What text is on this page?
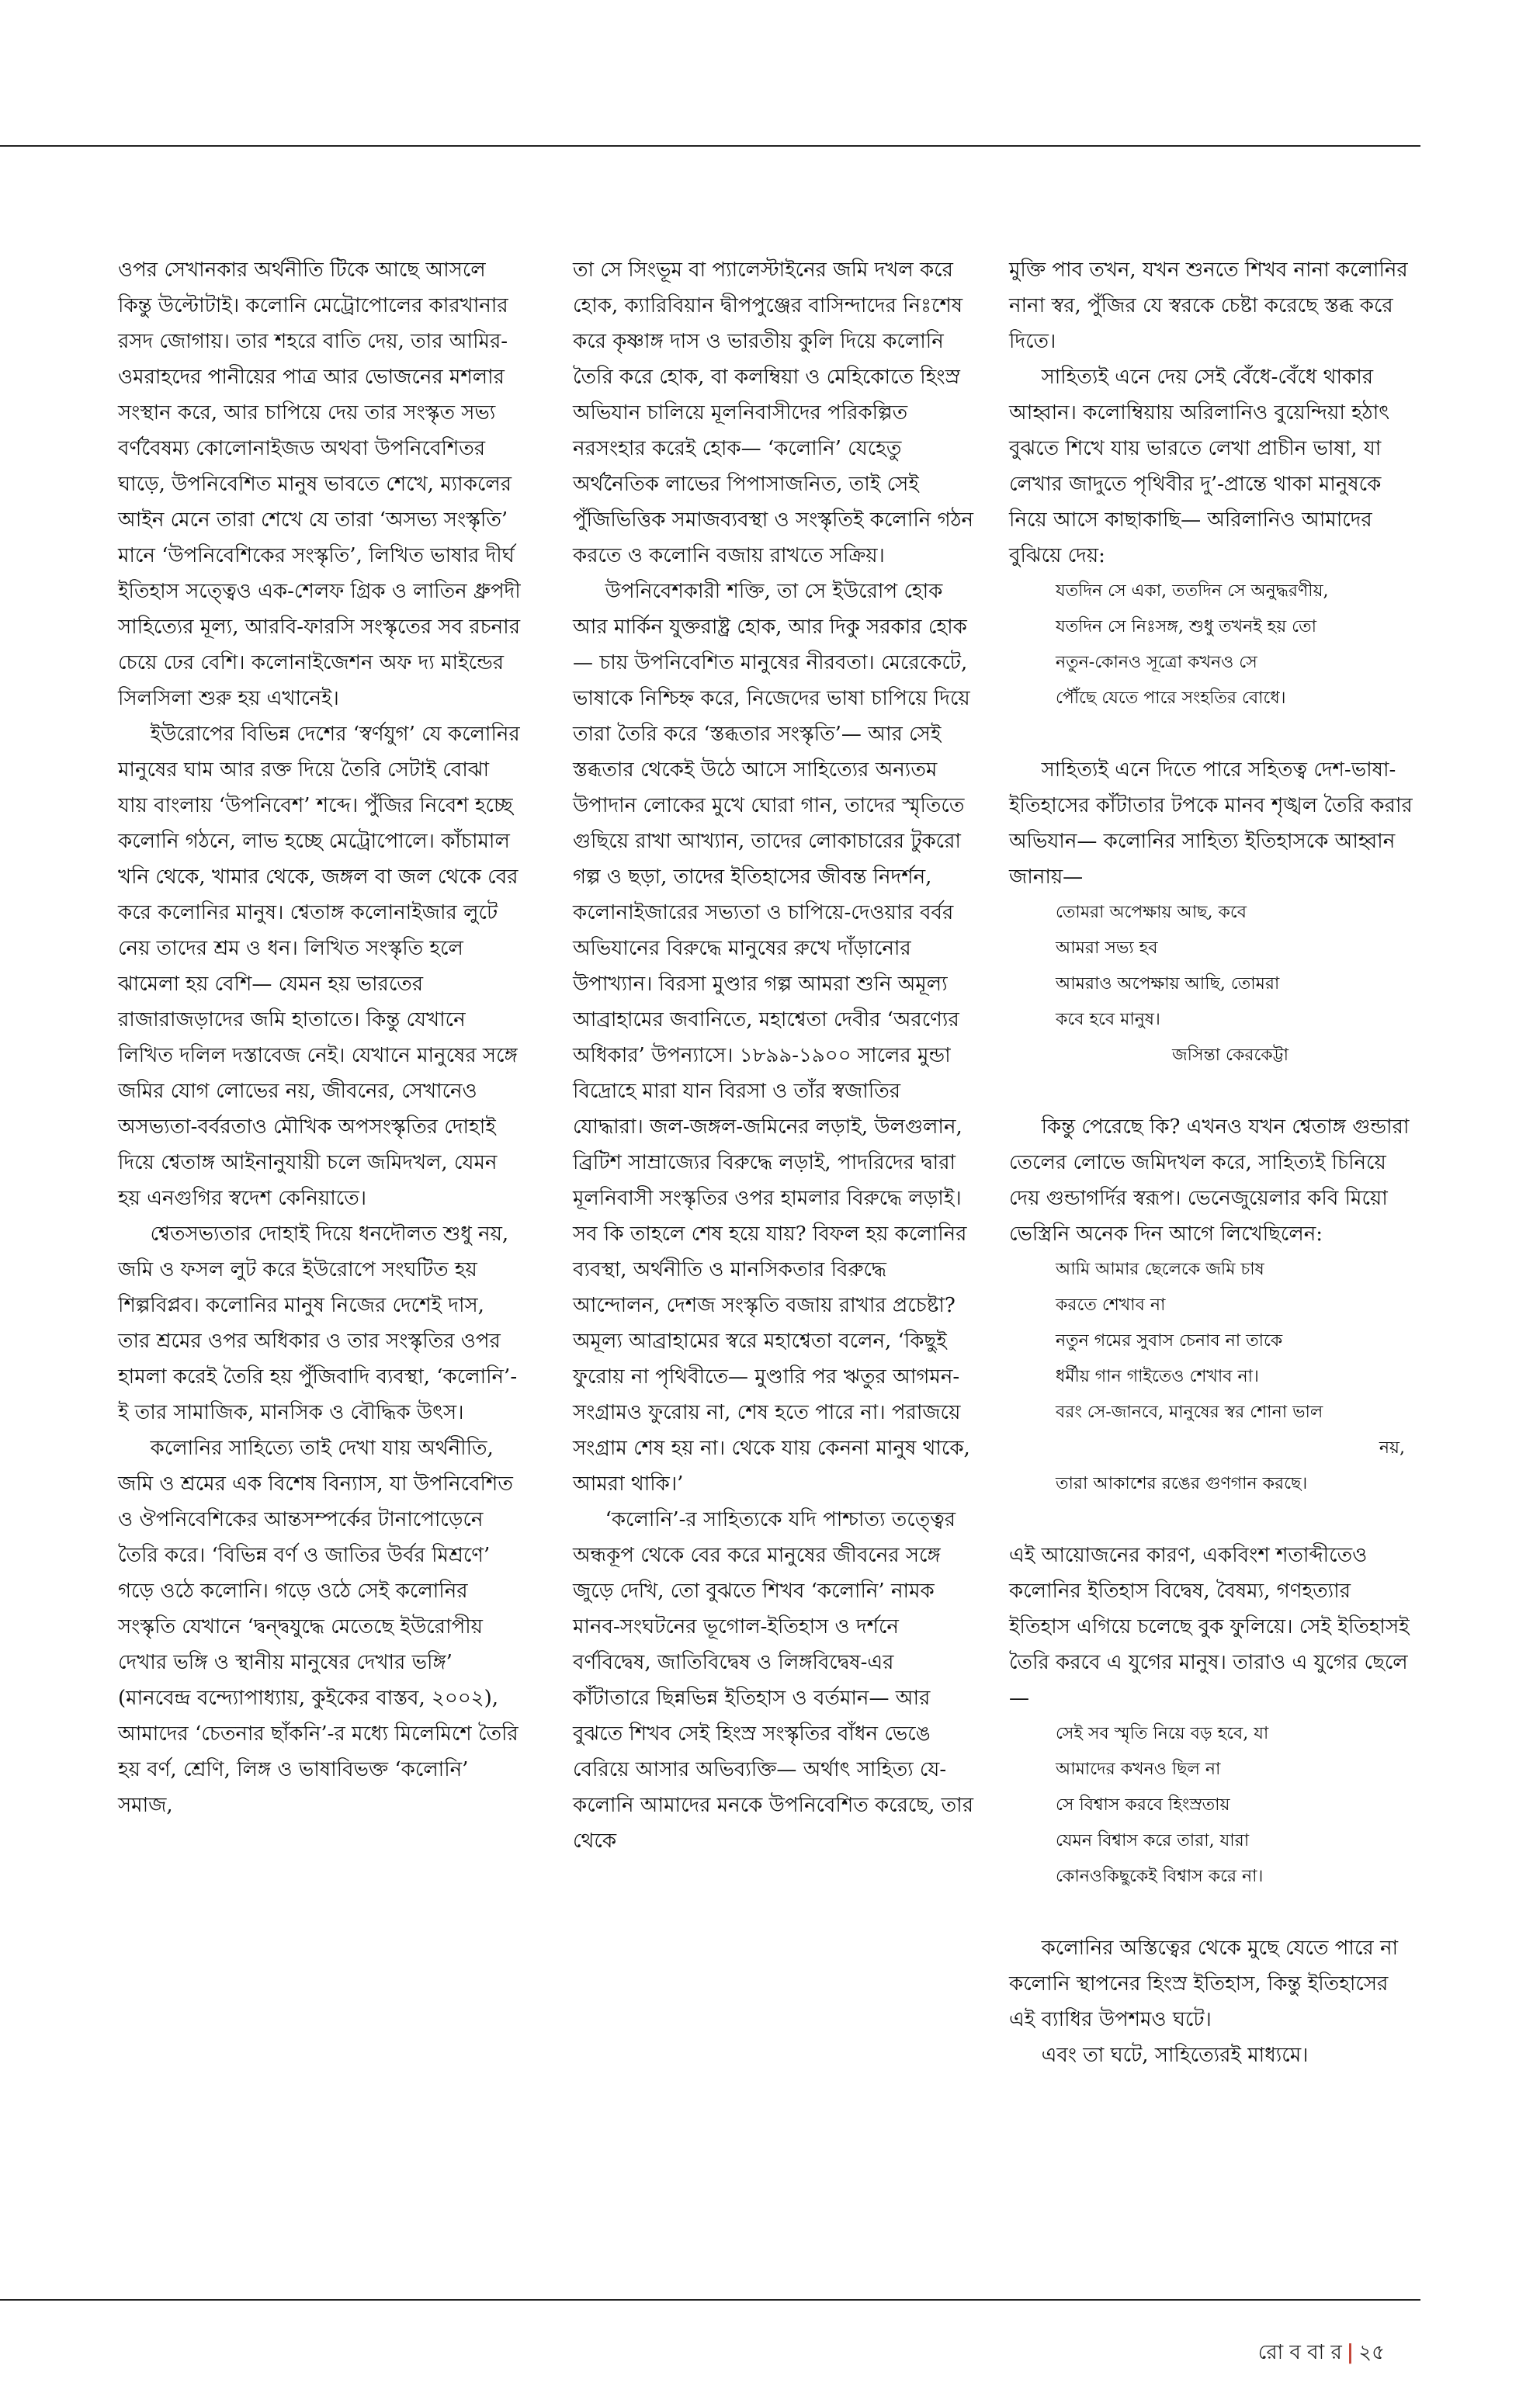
ওপর সেখানকার অর্থনীতি টিকে আছে আসলে কিন্তু উল্টোটাই। কলোনি মেট্রোপোলের কারখানার রসদ জোগায়। তার শহরে বাতি দেয়, তার আমির-ওমরাহদের পানীয়ের পাত্র আর ভোজনের মশলার সংস্থান করে, আর চাপিয়ে দেয় তার সংস্কৃত সভ্য বর্ণবৈষম্য কোলোনাইজড অথবা উপনিবেশিতর ঘাড়ে, উপনিবেশিত মানুষ ভাবতে শেখে, ম্যাকলের আইন মেনে তারা শেখে যে তারা ‘অসভ্য সংস্কৃতি’ মানে ‘উপনিবেশিকের সংস্কৃতি’, লিখিত ভাষার দীর্ঘ ইতিহাস সত্ত্বেও এক-শেলফ গ্রিক ও লাতিন ধ্রুপদী সাহিত্যের মূল্য, আরবি-ফারসি সংস্কৃতের সব রচনার চেয়ে ঢের বেশি। কলোনাইজেশন অফ দ্য মাইন্ডের সিলসিলা শুরু হয় এখানেই।

ইউরোপের বিভিন্ন দেশের ‘স্বর্ণযুগ’ যে কলোনির মানুষের ঘাম আর রক্ত দিয়ে তৈরি সেটাই বোঝা যায় বাংলায় ‘উপনিবেশ’ শব্দে। পুঁজির নিবেশ হচ্ছে কলোনি গঠনে, লাভ হচ্ছে মেট্রোপোলে। কাঁচামাল খনি থেকে, খামার থেকে, জঙ্গল বা জল থেকে বের করে কলোনির মানুষ। শ্বেতাঙ্গ কলোনাইজার লুটে নেয় তাদের শ্রম ও ধন। লিখিত সংস্কৃতি হলে ঝামেলা হয় বেশি— যেমন হয় ভারতের রাজারাজড়াদের জমি হাতাতে। কিন্তু যেখানে লিখিত দলিল দস্তাবেজ নেই। যেখানে মানুষের সঙ্গে জমির যোগ লোভের নয়, জীবনের, সেখানেও অসভ্যতা-বর্বরতাও মৌখিক অপসংস্কৃতির দোহাই দিয়ে শ্বেতাঙ্গ আইনানুযায়ী চলে জমিদখল, যেমন হয় এনগুগির স্বদেশ কেনিয়াতে।

শ্বেতসভ্যতার দোহাই দিয়ে ধনদৌলত শুধু নয়, জমি ও ফসল লুট করে ইউরোপে সংঘটিত হয় শিল্পবিপ্লব। কলোনির মানুষ নিজের দেশেই দাস, তার শ্রমের ওপর অধিকার ও তার সংস্কৃতির ওপর হামলা করেই তৈরি হয় পুঁজিবাদি ব্যবস্থা, ‘কলোনি’-ই তার সামাজিক, মানসিক ও বৌদ্ধিক উৎস।

কলোনির সাহিত্যে তাই দেখা যায় অর্থনীতি, জমি ও শ্রমের এক বিশেষ বিন্যাস, যা উপনিবেশিত ও ঔপনিবেশিকের আন্তসম্পর্কের টানাপোড়েনে তৈরি করে। ‘বিভিন্ন বর্ণ ও জাতির উর্বর মিশ্রণে’ গড়ে ওঠে কলোনি। গড়ে ওঠে সেই কলোনির সংস্কৃতি যেখানে ‘দ্বন্দ্বযুদ্ধে মেতেছে ইউরোপীয় দেখার ভঙ্গি ও স্থানীয় মানুষের দেখার ভঙ্গি’ (মানবেন্দ্র বন্দ্যোপাধ্যায়, কুইকের বাস্তব, ২০০২), আমাদের ‘চেতনার ছাঁকনি’-র মধ্যে মিলেমিশে তৈরি হয় বর্ণ, শ্রেণি, লিঙ্গ ও ভাষাবিভক্ত ‘কলোনি’ সমাজ,

তা সে সিংভূম বা প্যালেস্টাইনের জমি দখল করে হোক, ক্যারিবিয়ান দ্বীপপুঞ্জের বাসিন্দাদের নিঃশেষ করে কৃষ্ণাঙ্গ দাস ও ভারতীয় কুলি দিয়ে কলোনি তৈরি করে হোক, বা কলম্বিয়া ও মেহিকোতে হিংস্র অভিযান চালিয়ে মূলনিবাসীদের পরিকল্পিত নরসংহার করেই হোক— ‘কলোনি’ যেহেতু অর্থনৈতিক লাভের পিপাসাজনিত, তাই সেই পুঁজিভিত্তিক সমাজব্যবস্থা ও সংস্কৃতিই কলোনি গঠন করতে ও কলোনি বজায় রাখতে সক্রিয়।

উপনিবেশকারী শক্তি, তা সে ইউরোপ হোক আর মার্কিন যুক্তরাষ্ট্র হোক, আর দিকু সরকার হোক— চায় উপনিবেশিত মানুষের নীরবতা। মেরেকেটে, ভাষাকে নিশ্চিহ্ন করে, নিজেদের ভাষা চাপিয়ে দিয়ে তারা তৈরি করে ‘স্তব্ধতার সংস্কৃতি’— আর সেই স্তব্ধতার থেকেই উঠে আসে সাহিত্যের অন্যতম উপাদান লোকের মুখে ঘোরা গান, তাদের স্মৃতিতে গুছিয়ে রাখা আখ্যান, তাদের লোকাচারের টুকরো গল্প ও ছড়া, তাদের ইতিহাসের জীবন্ত নিদর্শন, কলোনাইজারের সভ্যতা ও চাপিয়ে-দেওয়ার বর্বর অভিযানের বিরুদ্ধে মানুষের রুখে দাঁড়ানোর উপাখ্যান। বিরসা মুণ্ডার গল্প আমরা শুনি অমূল্য আব্রাহামের জবানিতে, মহাশ্বেতা দেবীর ‘অরণ্যের অধিকার’ উপন্যাসে। ১৮৯৯-১৯০০ সালের মুন্ডা বিদ্রোহে মারা যান বিরসা ও তাঁর স্বজাতির যোদ্ধারা। জল-জঙ্গল-জমিনের লড়াই, উলগুলান, ব্রিটিশ সাম্রাজ্যের বিরুদ্ধে লড়াই, পাদরিদের দ্বারা মূলনিবাসী সংস্কৃতির ওপর হামলার বিরুদ্ধে লড়াই। সব কি তাহলে শেষ হয়ে যায়? বিফল হয় কলোনির ব্যবস্থা, অর্থনীতি ও মানসিকতার বিরুদ্ধে আন্দোলন, দেশজ সংস্কৃতি বজায় রাখার প্রচেষ্টা? অমূল্য আব্রাহামের স্বরে মহাশ্বেতা বলেন, ‘কিছুই ফুরোয় না পৃথিবীতে— মুণ্ডারি পর ঋতুর আগমন-সংগ্রামও ফুরোয় না, শেষ হতে পারে না। পরাজয়ে সংগ্রাম শেষ হয় না। থেকে যায় কেননা মানুষ থাকে, আমরা থাকি।’

‘কলোনি’-র সাহিত্যকে যদি পাশ্চাত্য তত্ত্বের অন্ধকূপ থেকে বের করে মানুষের জীবনের সঙ্গে জুড়ে দেখি, তো বুঝতে শিখব ‘কলোনি’ নামক মানব-সংঘটনের ভূগোল-ইতিহাস ও দর্শনে বর্ণবিদ্বেষ, জাতিবিদ্বেষ ও লিঙ্গবিদ্বেষ-এর কাঁটাতারে ছিন্নভিন্ন ইতিহাস ও বর্তমান— আর বুঝতে শিখব সেই হিংস্র সংস্কৃতির বাঁধন ভেঙে বেরিয়ে আসার অভিব্যক্তি— অর্থাৎ সাহিত্য যে-কলোনি আমাদের মনকে উপনিবেশিত করেছে, তার থেকে

মুক্তি পাব তখন, যখন শুনতে শিখব নানা কলোনির নানা স্বর, পুঁজির যে স্বরকে চেষ্টা করেছে স্তব্ধ করে দিতে।

সাহিত্যই এনে দেয় সেই বেঁধে-বেঁধে থাকার আহ্বান। কলোম্বিয়ায় অরিলানিও বুয়েন্দিয়া হঠাৎ বুঝতে শিখে যায় ভারতে লেখা প্রাচীন ভাষা, যা লেখার জাদুতে পৃথিবীর দু’-প্রান্তে থাকা মানুষকে নিয়ে আসে কাছাকাছি— অরিলানিও আমাদের বুঝিয়ে দেয়:

যতদিন সে একা, ততদিন সে অনুদ্ধরণীয়,
যতদিন সে নিঃসঙ্গ, শুধু তখনই হয় তো
নতুন-কোনও সূত্রো কখনও সে
পৌঁছে যেতে পারে সংহতির বোধে।

সাহিত্যই এনে দিতে পারে সহিতত্ব দেশ-ভাষা-ইতিহাসের কাঁটাতার টপকে মানব শৃঙ্খল তৈরি করার অভিযান— কলোনির সাহিত্য ইতিহাসকে আহ্বান জানায়—

তোমরা অপেক্ষায় আছ, কবে
আমরা সভ্য হব
আমরাও অপেক্ষায় আছি, তোমরা
কবে হবে মানুষ।
জসিন্তা কেরকেট্টা

কিন্তু পেরেছে কি? এখনও যখন শ্বেতাঙ্গ গুন্ডারা তেলের লোভে জমিদখল করে, সাহিত্যই চিনিয়ে দেয় গুন্ডাগর্দির স্বরূপ। ভেনেজুয়েলার কবি মিয়ো ভেস্ত্রিনি অনেক দিন আগে লিখেছিলেন:

আমি আমার ছেলেকে জমি চাষ
করতে শেখাব না
নতুন গমের সুবাস চেনাব না তাকে
ধর্মীয় গান গাইতেও শেখাব না।
বরং সে-জানবে, মানুষের স্বর শোনা ভাল
নয়,
তারা আকাশের রঙের গুণগান করছে।

এই আয়োজনের কারণ, একবিংশ শতাব্দীতেও কলোনির ইতিহাস বিদ্বেষ, বৈষম্য, গণহত্যার ইতিহাস এগিয়ে চলেছে বুক ফুলিয়ে। সেই ইতিহাসই তৈরি করবে এ যুগের মানুষ। তারাও এ যুগের ছেলে—

সেই সব স্মৃতি নিয়ে বড় হবে, যা
আমাদের কখনও ছিল না
সে বিশ্বাস করবে হিংস্রতায়
যেমন বিশ্বাস করে তারা, যারা
কোনওকিছুকেই বিশ্বাস করে না।

কলোনির অস্তিত্বের থেকে মুছে যেতে পারে না কলোনি স্থাপনের হিংস্র ইতিহাস, কিন্তু ইতিহাসের এই ব্যাধির উপশমও ঘটে।

এবং তা ঘটে, সাহিত্যেরই মাধ্যমে।

রো ব বা র | ২৫
